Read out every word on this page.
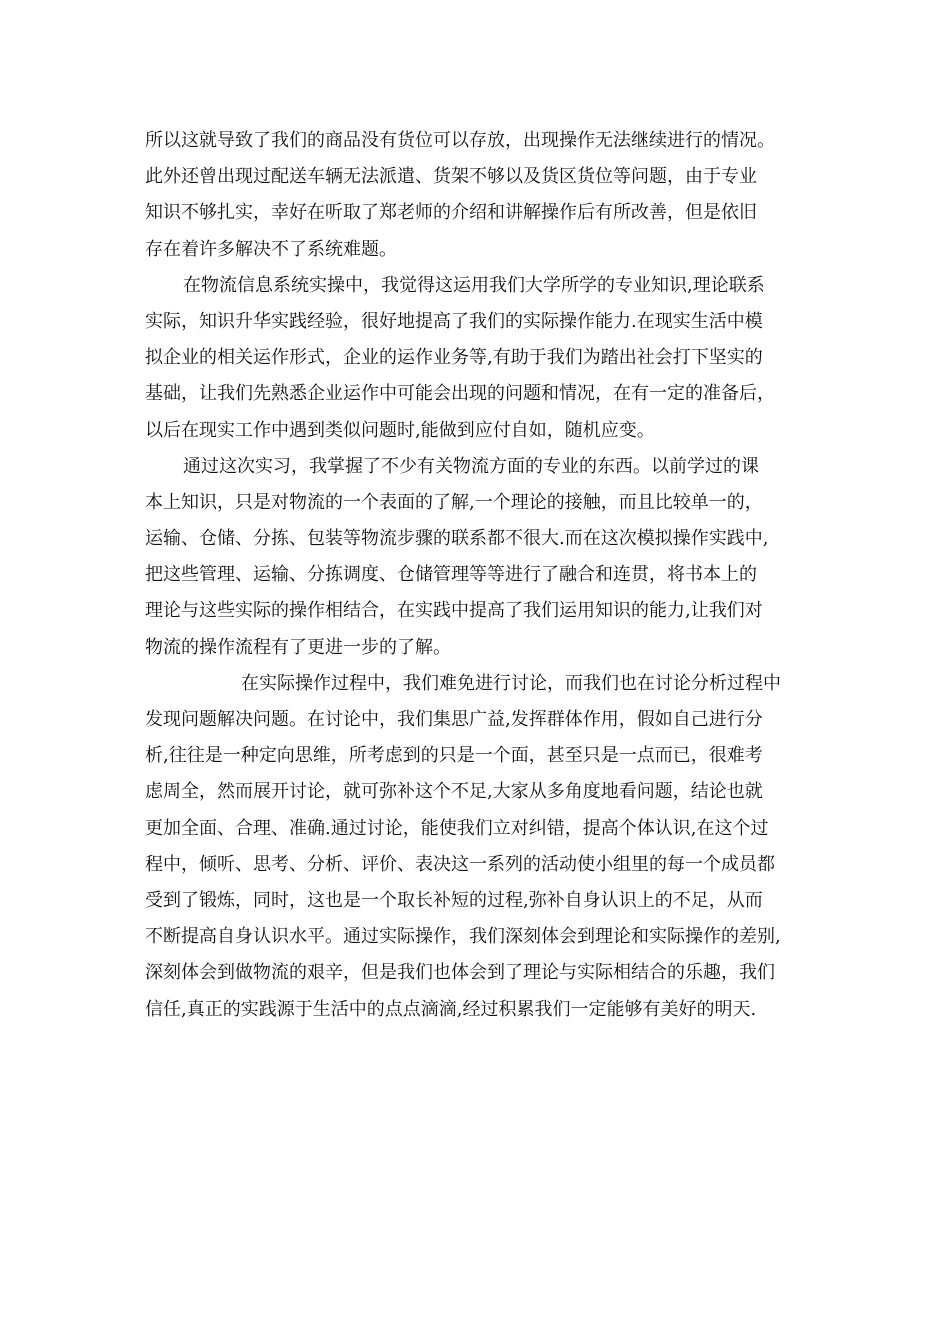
所以这就导致了我们的商品没有货位可以存放，出现操作无法继续进行的情况。
此外还曾出现过配送车辆无法派遣、货架不够以及货区货位等问题，由于专业
知识不够扎实，幸好在听取了郑老师的介绍和讲解操作后有所改善，但是依旧
存在着许多解决不了系统难题。
在物流信息系统实操中，我觉得这运用我们大学所学的专业知识,理论联系
实际，知识升华实践经验，很好地提高了我们的实际操作能力.在现实生活中模
拟企业的相关运作形式，企业的运作业务等,有助于我们为踏出社会打下坚实的
基础，让我们先熟悉企业运作中可能会出现的问题和情况，在有一定的准备后，
以后在现实工作中遇到类似问题时,能做到应付自如，随机应变。
通过这次实习，我掌握了不少有关物流方面的专业的东西。以前学过的课
本上知识，只是对物流的一个表面的了解,一个理论的接触，而且比较单一的，
运输、仓储、分拣、包装等物流步骤的联系都不很大.而在这次模拟操作实践中,
把这些管理、运输、分拣调度、仓储管理等等进行了融合和连贯，将书本上的
理论与这些实际的操作相结合，在实践中提高了我们运用知识的能力,让我们对
物流的操作流程有了更进一步的了解。
在实际操作过程中，我们难免进行讨论，而我们也在讨论分析过程中
发现问题解决问题。在讨论中，我们集思广益,发挥群体作用，假如自己进行分
析,往往是一种定向思维，所考虑到的只是一个面，甚至只是一点而已，很难考
虑周全，然而展开讨论，就可弥补这个不足,大家从多角度地看问题，结论也就
更加全面、合理、准确.通过讨论，能使我们立对纠错，提高个体认识,在这个过
程中，倾听、思考、分析、评价、表决这一系列的活动使小组里的每一个成员都
受到了锻炼，同时，这也是一个取长补短的过程,弥补自身认识上的不足，从而
不断提高自身认识水平。通过实际操作，我们深刻体会到理论和实际操作的差别,
深刻体会到做物流的艰辛，但是我们也体会到了理论与实际相结合的乐趣，我们
信任,真正的实践源于生活中的点点滴滴,经过积累我们一定能够有美好的明天.
